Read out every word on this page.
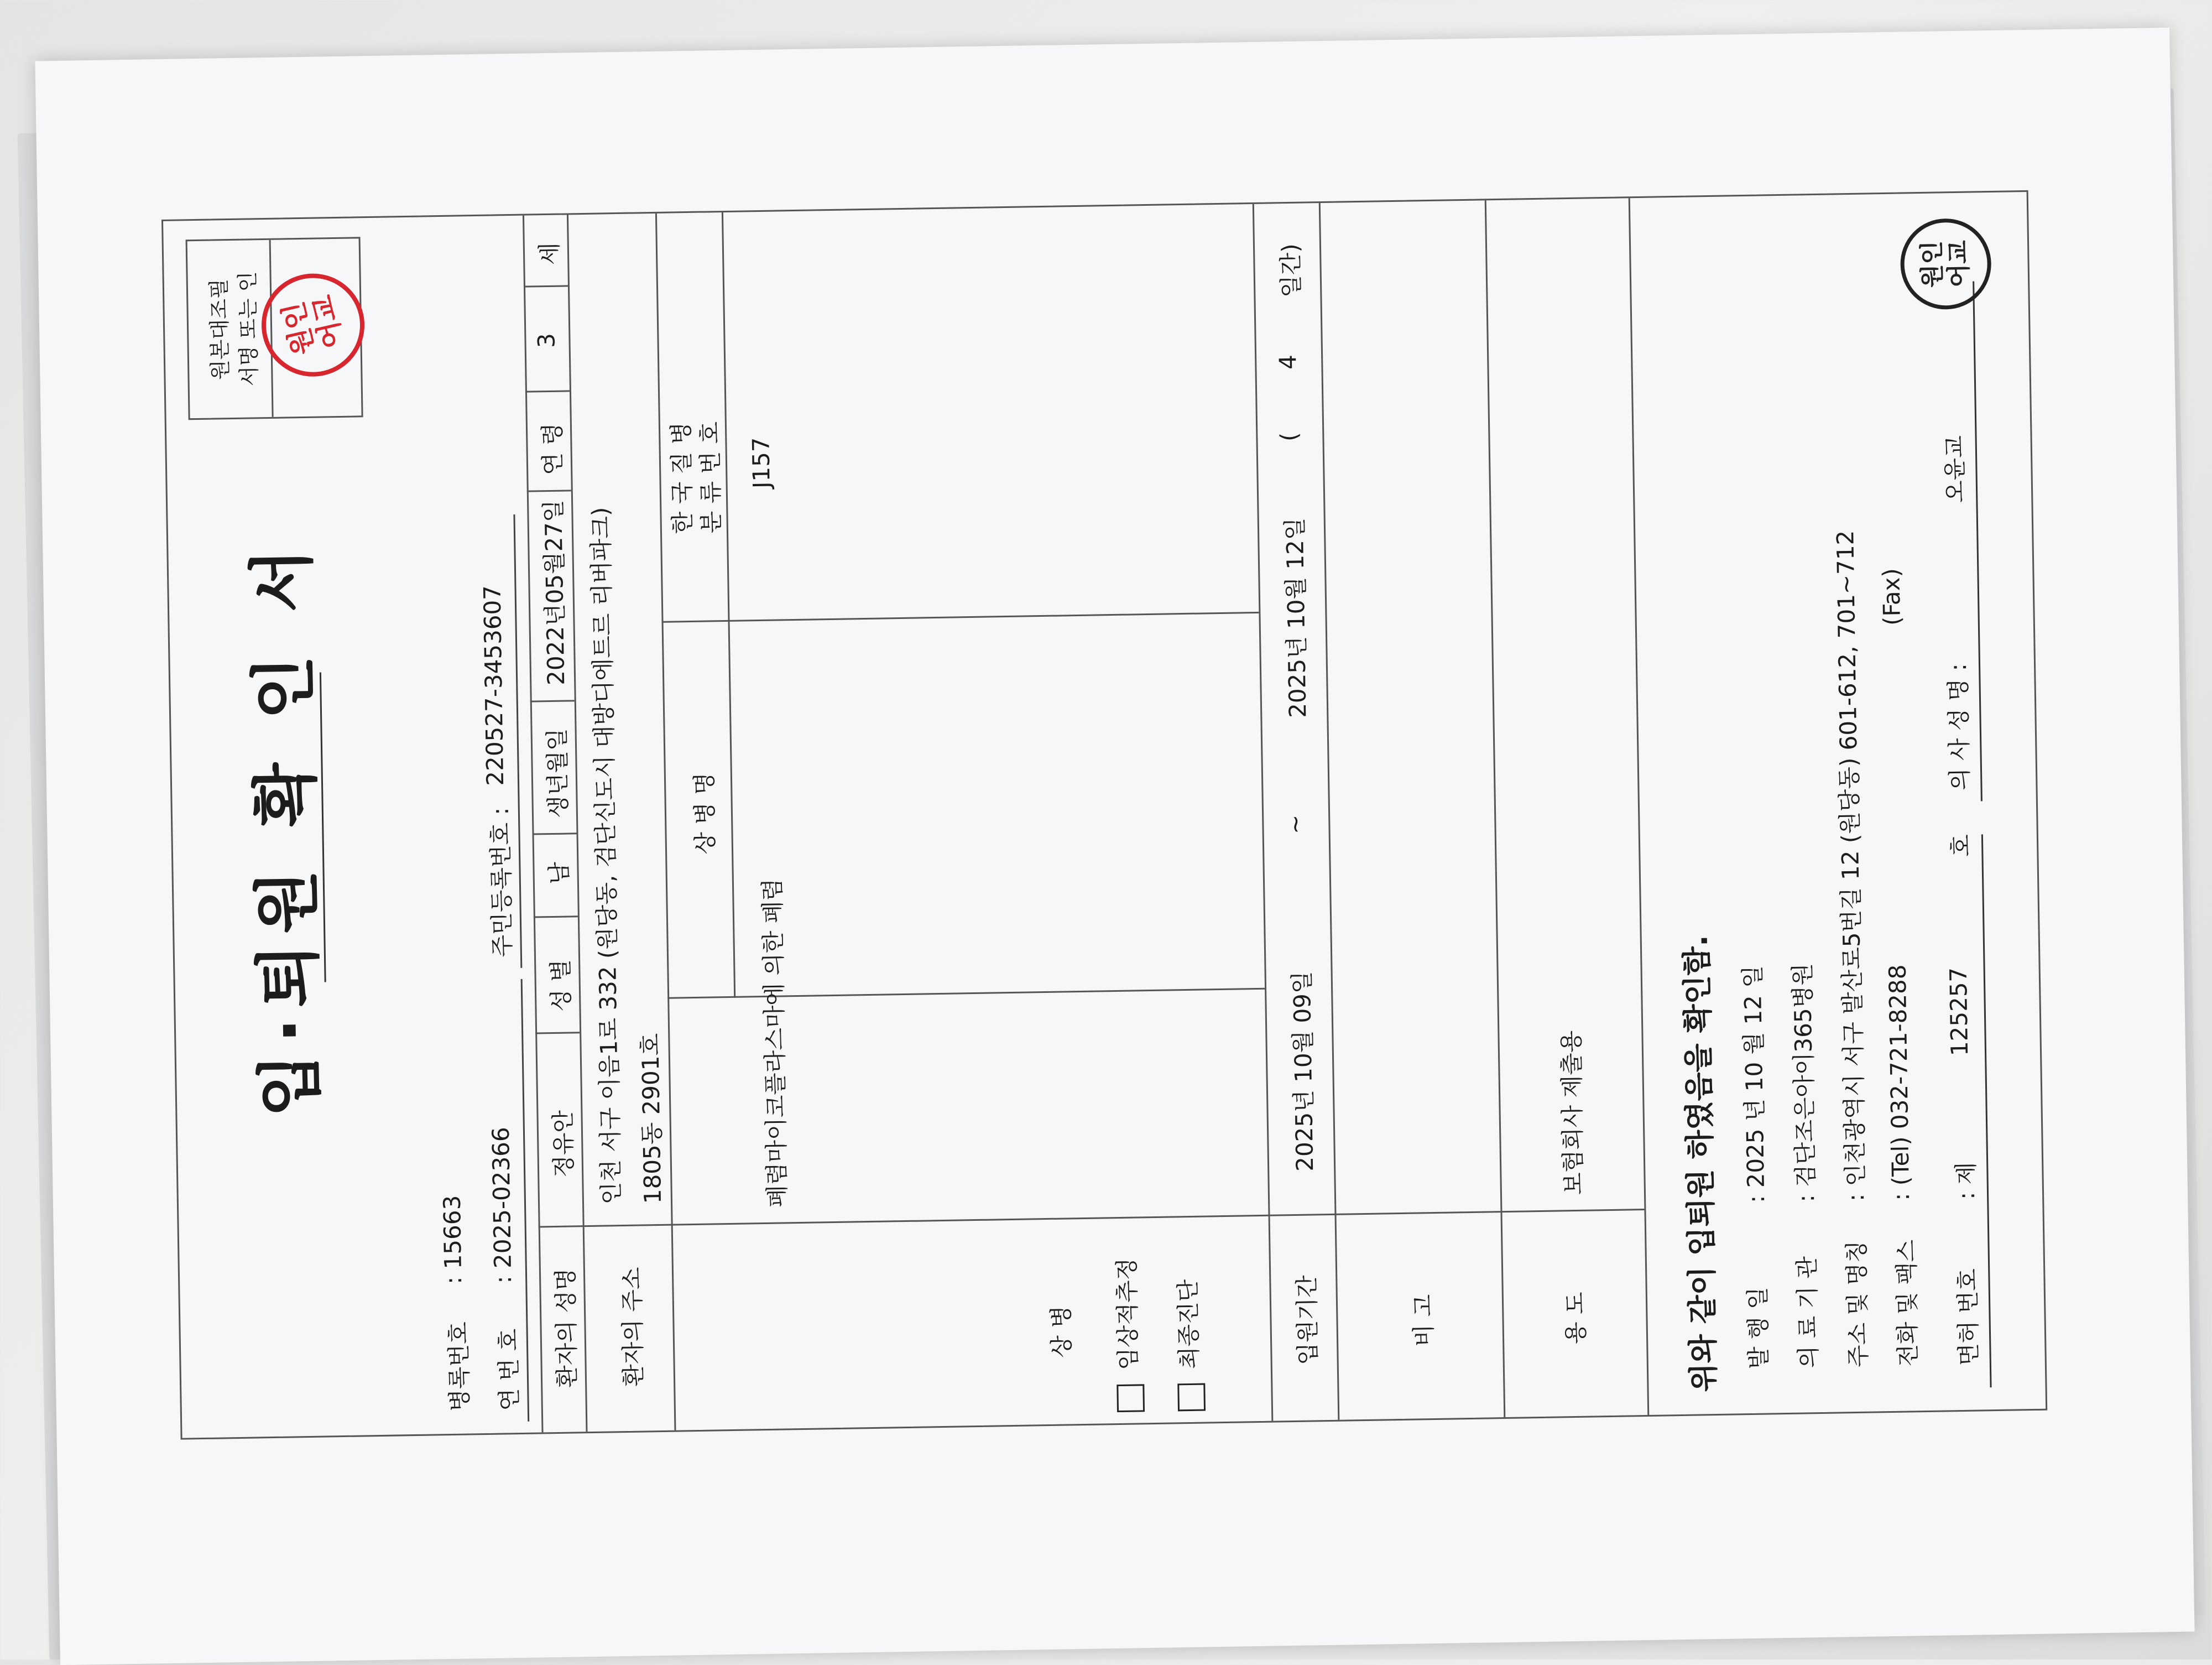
입·퇴원 확 인 서
원본대조필 서명 또는 인 원인
어교
병록번호
: 15663
연 번 호
: 2025-02366
주민등록번호 :
220527-3453607
환자의 성명
정유안
성 별
남
생년월일
2022년05월27일
연 령
3
세
환자의 주소
인천 서구 이음1로 332 (원당동, 검단신도시 대방디에트르 리버파크) 1805동 2901호
상 병 임상적추정 최종진단
상 병 명
한 국 질 병 분 류 번 호
폐렴마이코플라스마에 의한 폐렴
J157
입원기간
2025년 10월 09일
~
2025년 10월 12일
(
4
일간)
비 고	용 도
보험회사 제출용	위와 같이 입퇴원 하였음을 확인함. 발 행 일
: 2025 년 10 월 12 일
의 료 기 관
: 검단조은아이365병원
주소 및 명칭
: 인천광역시 서구 발산로5번길 12 (원당동) 601-612, 701~712
전화 및 팩스
: (Tel) 032-721-8288
(Fax)
면허 번호
: 제
125257
호
의 사 성 명 :
오윤교
원인
어교
